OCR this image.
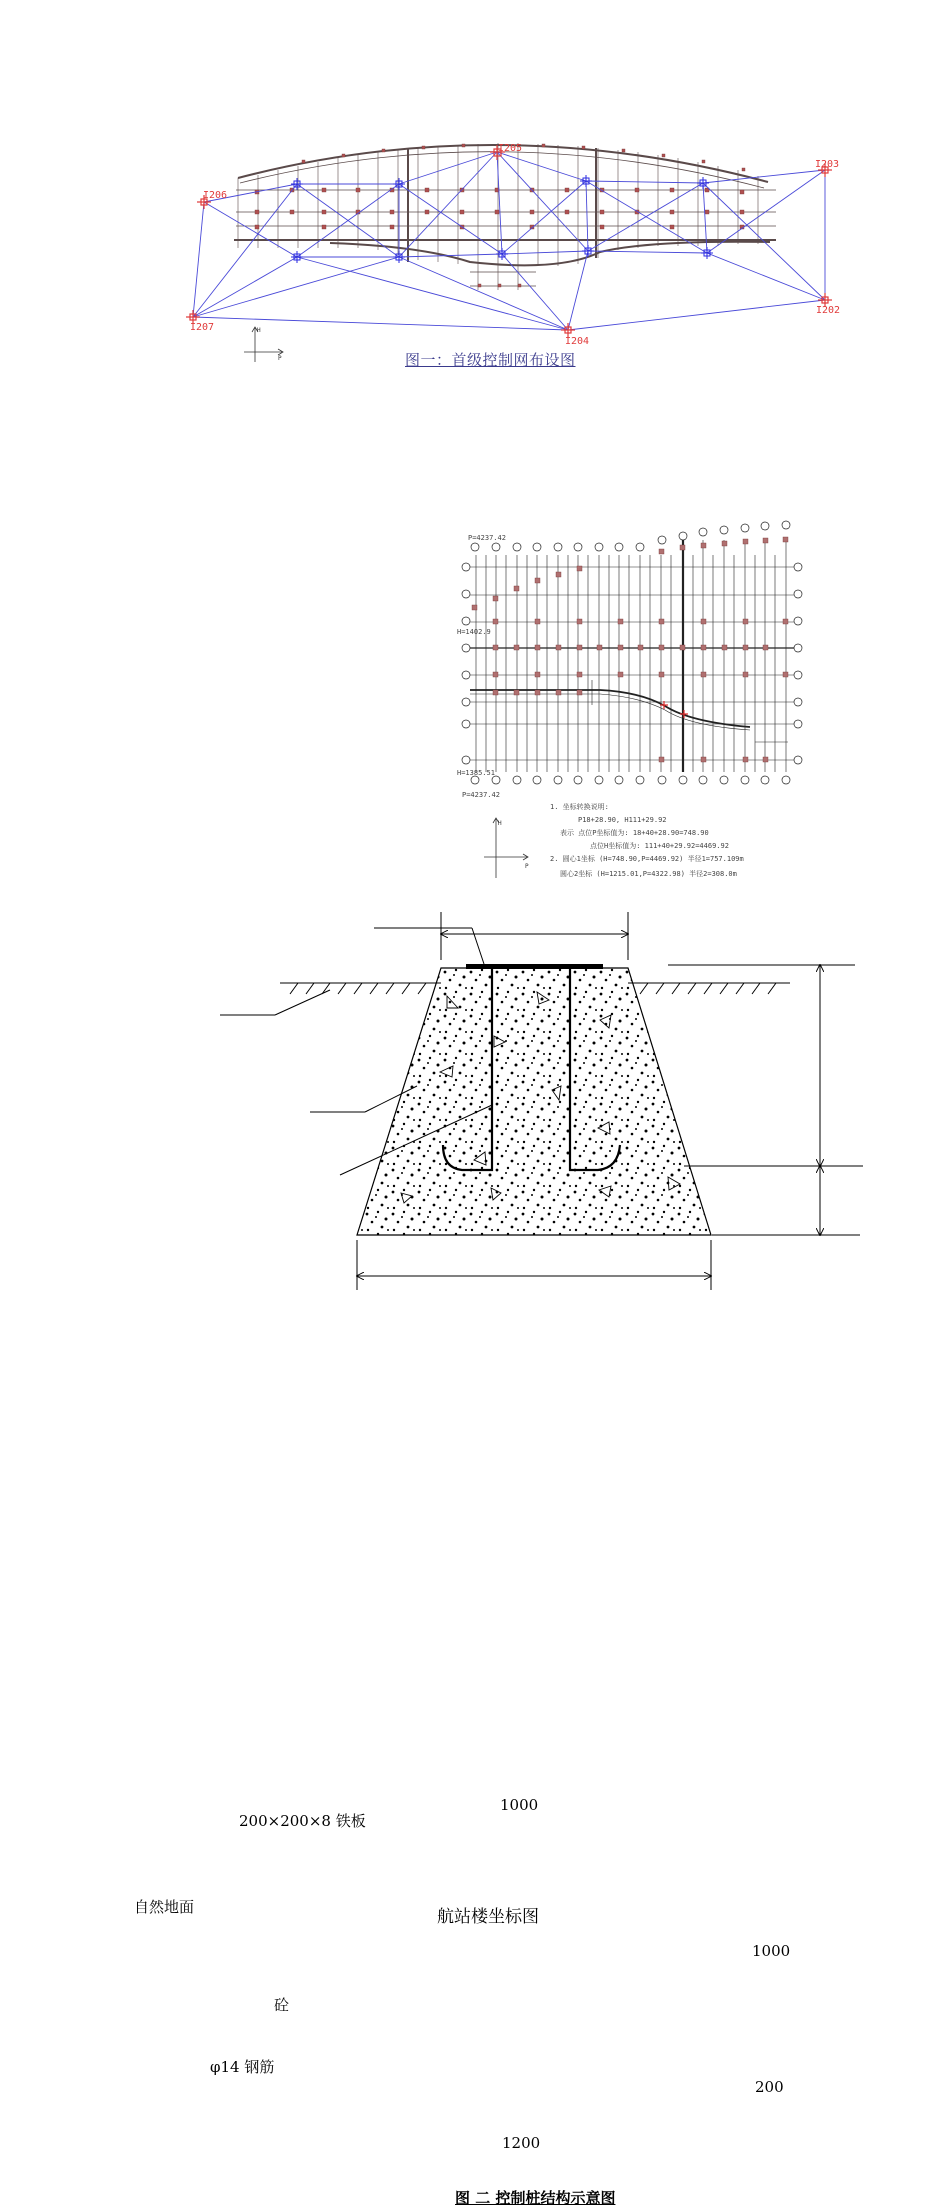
I206
I205
I203
I207
I204
I202
H
P	图一：首级控制网布设图
P=4237.42
H=1402.9
H=1385.51
P=4237.42
1. 坐标转换说明:
P18+28.90, H111+29.92
表示 点位P坐标值为: 18+40+28.90=748.90
点位H坐标值为: 111+40+29.92=4469.92
2. 圆心1坐标 (H=748.90,P=4469.92) 半径1=757.109m
圆心2坐标 (H=1215.01,P=4322.98) 半径2=308.0m
H
P
1000
200×200×8 铁板
自然地面	航站楼坐标图
1000
砼
φ14 钢筋
200
1200
图 二 控制桩结构示意图
